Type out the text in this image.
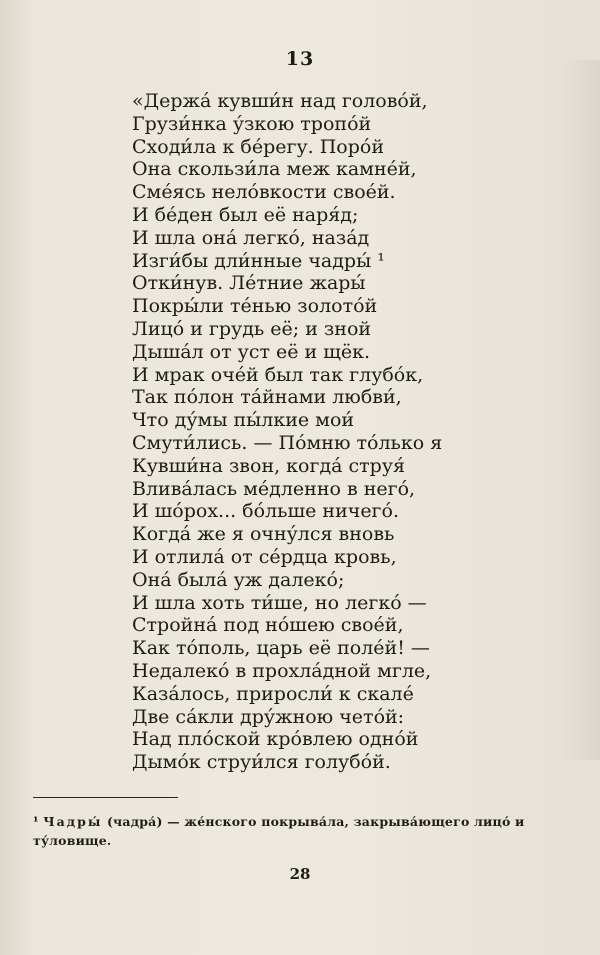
13
«Держа́ кувши́н над голово́й,
Грузи́нка у́зкою тропо́й
Сходи́ла к бе́регу. Поро́й
Она скользи́ла меж камне́й,
Сме́ясь нело́вкости свое́й.
И бе́ден был её наря́д;
И шла она́ легко́, наза́д
Изги́бы дли́нные чадры́ ¹
Отки́нув. Ле́тние жары́
Покры́ли те́нью золото́й
Лицо́ и грудь её; и зной
Дыша́л от уст её и щёк.
И мрак оче́й был так глубо́к,
Так по́лон та́йнами любви́,
Что ду́мы пы́лкие мои́
Смути́лись. — По́мню то́лько я
Кувши́на звон, когда́ струя́
Влива́лась ме́дленно в него́,
И шо́рох... бо́льше ничего́.
Когда́ же я очну́лся вновь
И отлила́ от се́рдца кровь,
Она́ была́ уж далеко́;
И шла хоть ти́ше, но легко́ —
Стройна́ под но́шею свое́й,
Как то́поль, царь её поле́й! —
Недалеко́ в прохла́дной мгле,
Каза́лось, приросли́ к скале́
Две са́кли дру́жною чето́й:
Над пло́ской кро́влею одно́й
Дымо́к струи́лся голубо́й.
¹ Чадры́ (чадра́) — же́нского покрыва́ла, закрыва́ющего лицо́ и ту́ловище.
28
